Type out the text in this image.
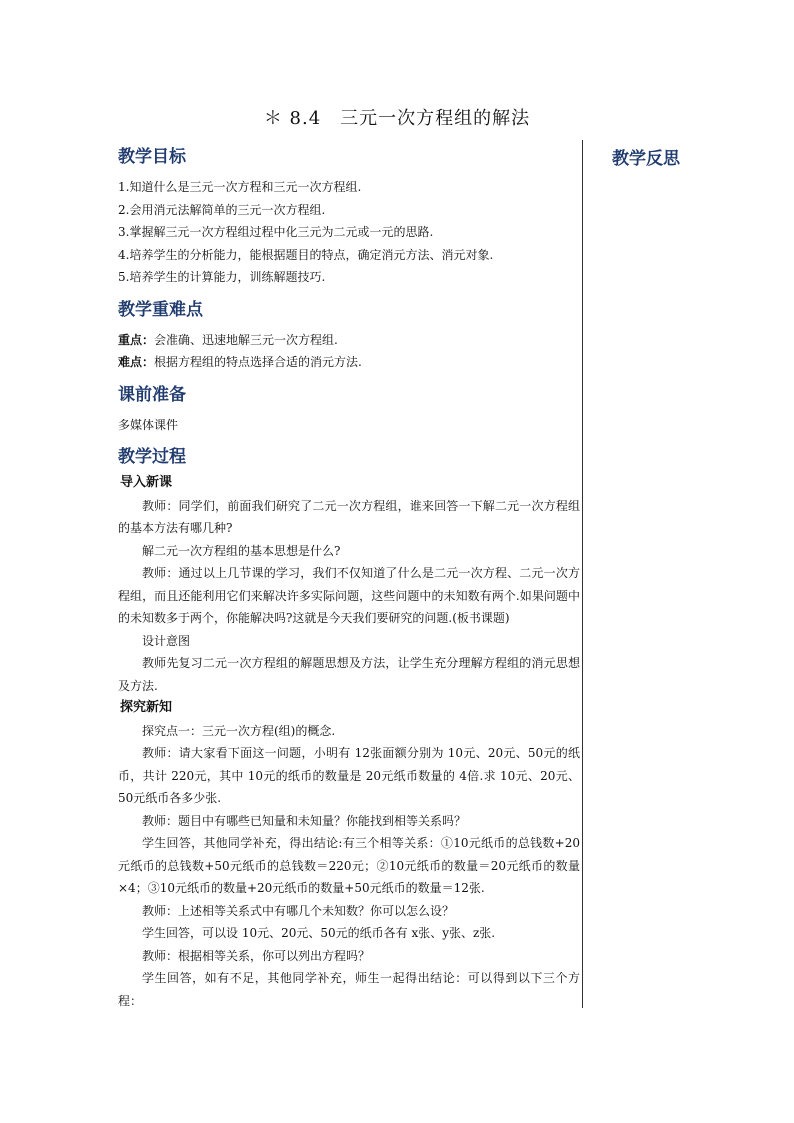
＊ 8.4　三元一次方程组的解法
教学目标

1.知道什么是三元一次方程和三元一次方程组.

2.会用消元法解简单的三元一次方程组.

3.掌握解三元一次方程组过程中化三元为二元或一元的思路.

4.培养学生的分析能力，能根据题目的特点，确定消元方法、消元对象.

5.培养学生的计算能力，训练解题技巧.

教学重难点

重点：会准确、迅速地解三元一次方程组.

难点：根据方程组的特点选择合适的消元方法.

课前准备

多媒体课件

教学过程

导入新课

教师：同学们，前面我们研究了二元一次方程组，谁来回答一下解二元一次方程组的基本方法有哪几种?

解二元一次方程组的基本思想是什么?

教师：通过以上几节课的学习，我们不仅知道了什么是二元一次方程、二元一次方程组，而且还能利用它们来解决许多实际问题，这些问题中的未知数有两个.如果问题中的未知数多于两个，你能解决吗?这就是今天我们要研究的问题.(板书课题)

设计意图

教师先复习二元一次方程组的解题思想及方法，让学生充分理解方程组的消元思想及方法.

探究新知

探究点一：三元一次方程(组)的概念.

教师：请大家看下面这一问题，小明有 12张面额分别为 10元、20元、50元的纸币，共计 220元，其中 10元的纸币的数量是 20元纸币数量的 4倍.求 10元、20元、50元纸币各多少张.

教师：题目中有哪些已知量和未知量？你能找到相等关系吗？

学生回答，其他同学补充，得出结论:有三个相等关系：①10元纸币的总钱数+20元纸币的总钱数+50元纸币的总钱数＝220元；②10元纸币的数量＝20元纸币的数量×4；③10元纸币的数量+20元纸币的数量+50元纸币的数量＝12张.

教师：上述相等关系式中有哪几个未知数？你可以怎么设？

学生回答，可以设 10元、20元、50元的纸币各有 x张、y张、z张.

教师：根据相等关系，你可以列出方程吗？

学生回答，如有不足，其他同学补充，师生一起得出结论：可以得到以下三个方程：

教学反思
